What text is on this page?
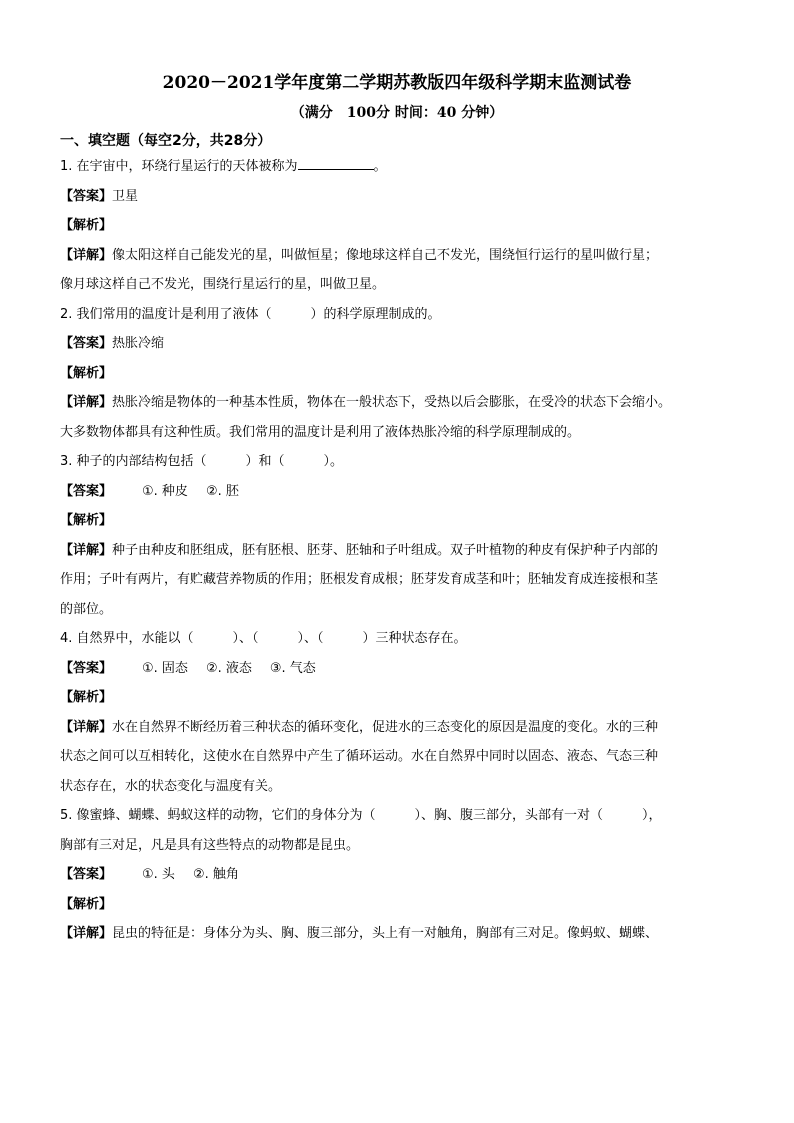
2020－2021学年度第二学期苏教版四年级科学期末监测试卷
（满分　100分 时间：40 分钟）
一、填空题（每空2分，共28分）
1. 在宇宙中，环绕行星运行的天体被称为	。
【答案】卫星
【解析】
【详解】像太阳这样自己能发光的星，叫做恒星；像地球这样自己不发光，围绕恒行运行的星叫做行星；
像月球这样自己不发光，围绕行星运行的星，叫做卫星。
2. 我们常用的温度计是利用了液体（　　　）的科学原理制成的。
【答案】热胀冷缩
【解析】
【详解】热胀冷缩是物体的一种基本性质，物体在一般状态下，受热以后会膨胀，在受冷的状态下会缩小。
大多数物体都具有这种性质。我们常用的温度计是利用了液体热胀冷缩的科学原理制成的。
3. 种子的内部结构包括（　　　）和（　　　）。
【答案】 ①. 种皮 ②. 胚
【解析】
【详解】种子由种皮和胚组成，胚有胚根、胚芽、胚轴和子叶组成。双子叶植物的种皮有保护种子内部的
作用；子叶有两片，有贮藏营养物质的作用；胚根发育成根；胚芽发育成茎和叶；胚轴发育成连接根和茎
的部位。
4. 自然界中，水能以（　　　）、（　　　）、（　　　）三种状态存在。
【答案】 ①. 固态 ②. 液态 ③. 气态
【解析】
【详解】水在自然界不断经历着三种状态的循环变化，促进水的三态变化的原因是温度的变化。水的三种
状态之间可以互相转化，这使水在自然界中产生了循环运动。水在自然界中同时以固态、液态、气态三种
状态存在，水的状态变化与温度有关。
5. 像蜜蜂、蝴蝶、蚂蚁这样的动物，它们的身体分为（　　　）、胸、腹三部分，头部有一对（　　　），
胸部有三对足，凡是具有这些特点的动物都是昆虫。
【答案】 ①. 头 ②. 触角
【解析】
【详解】昆虫的特征是：身体分为头、胸、腹三部分，头上有一对触角，胸部有三对足。像蚂蚁、蝴蝶、
